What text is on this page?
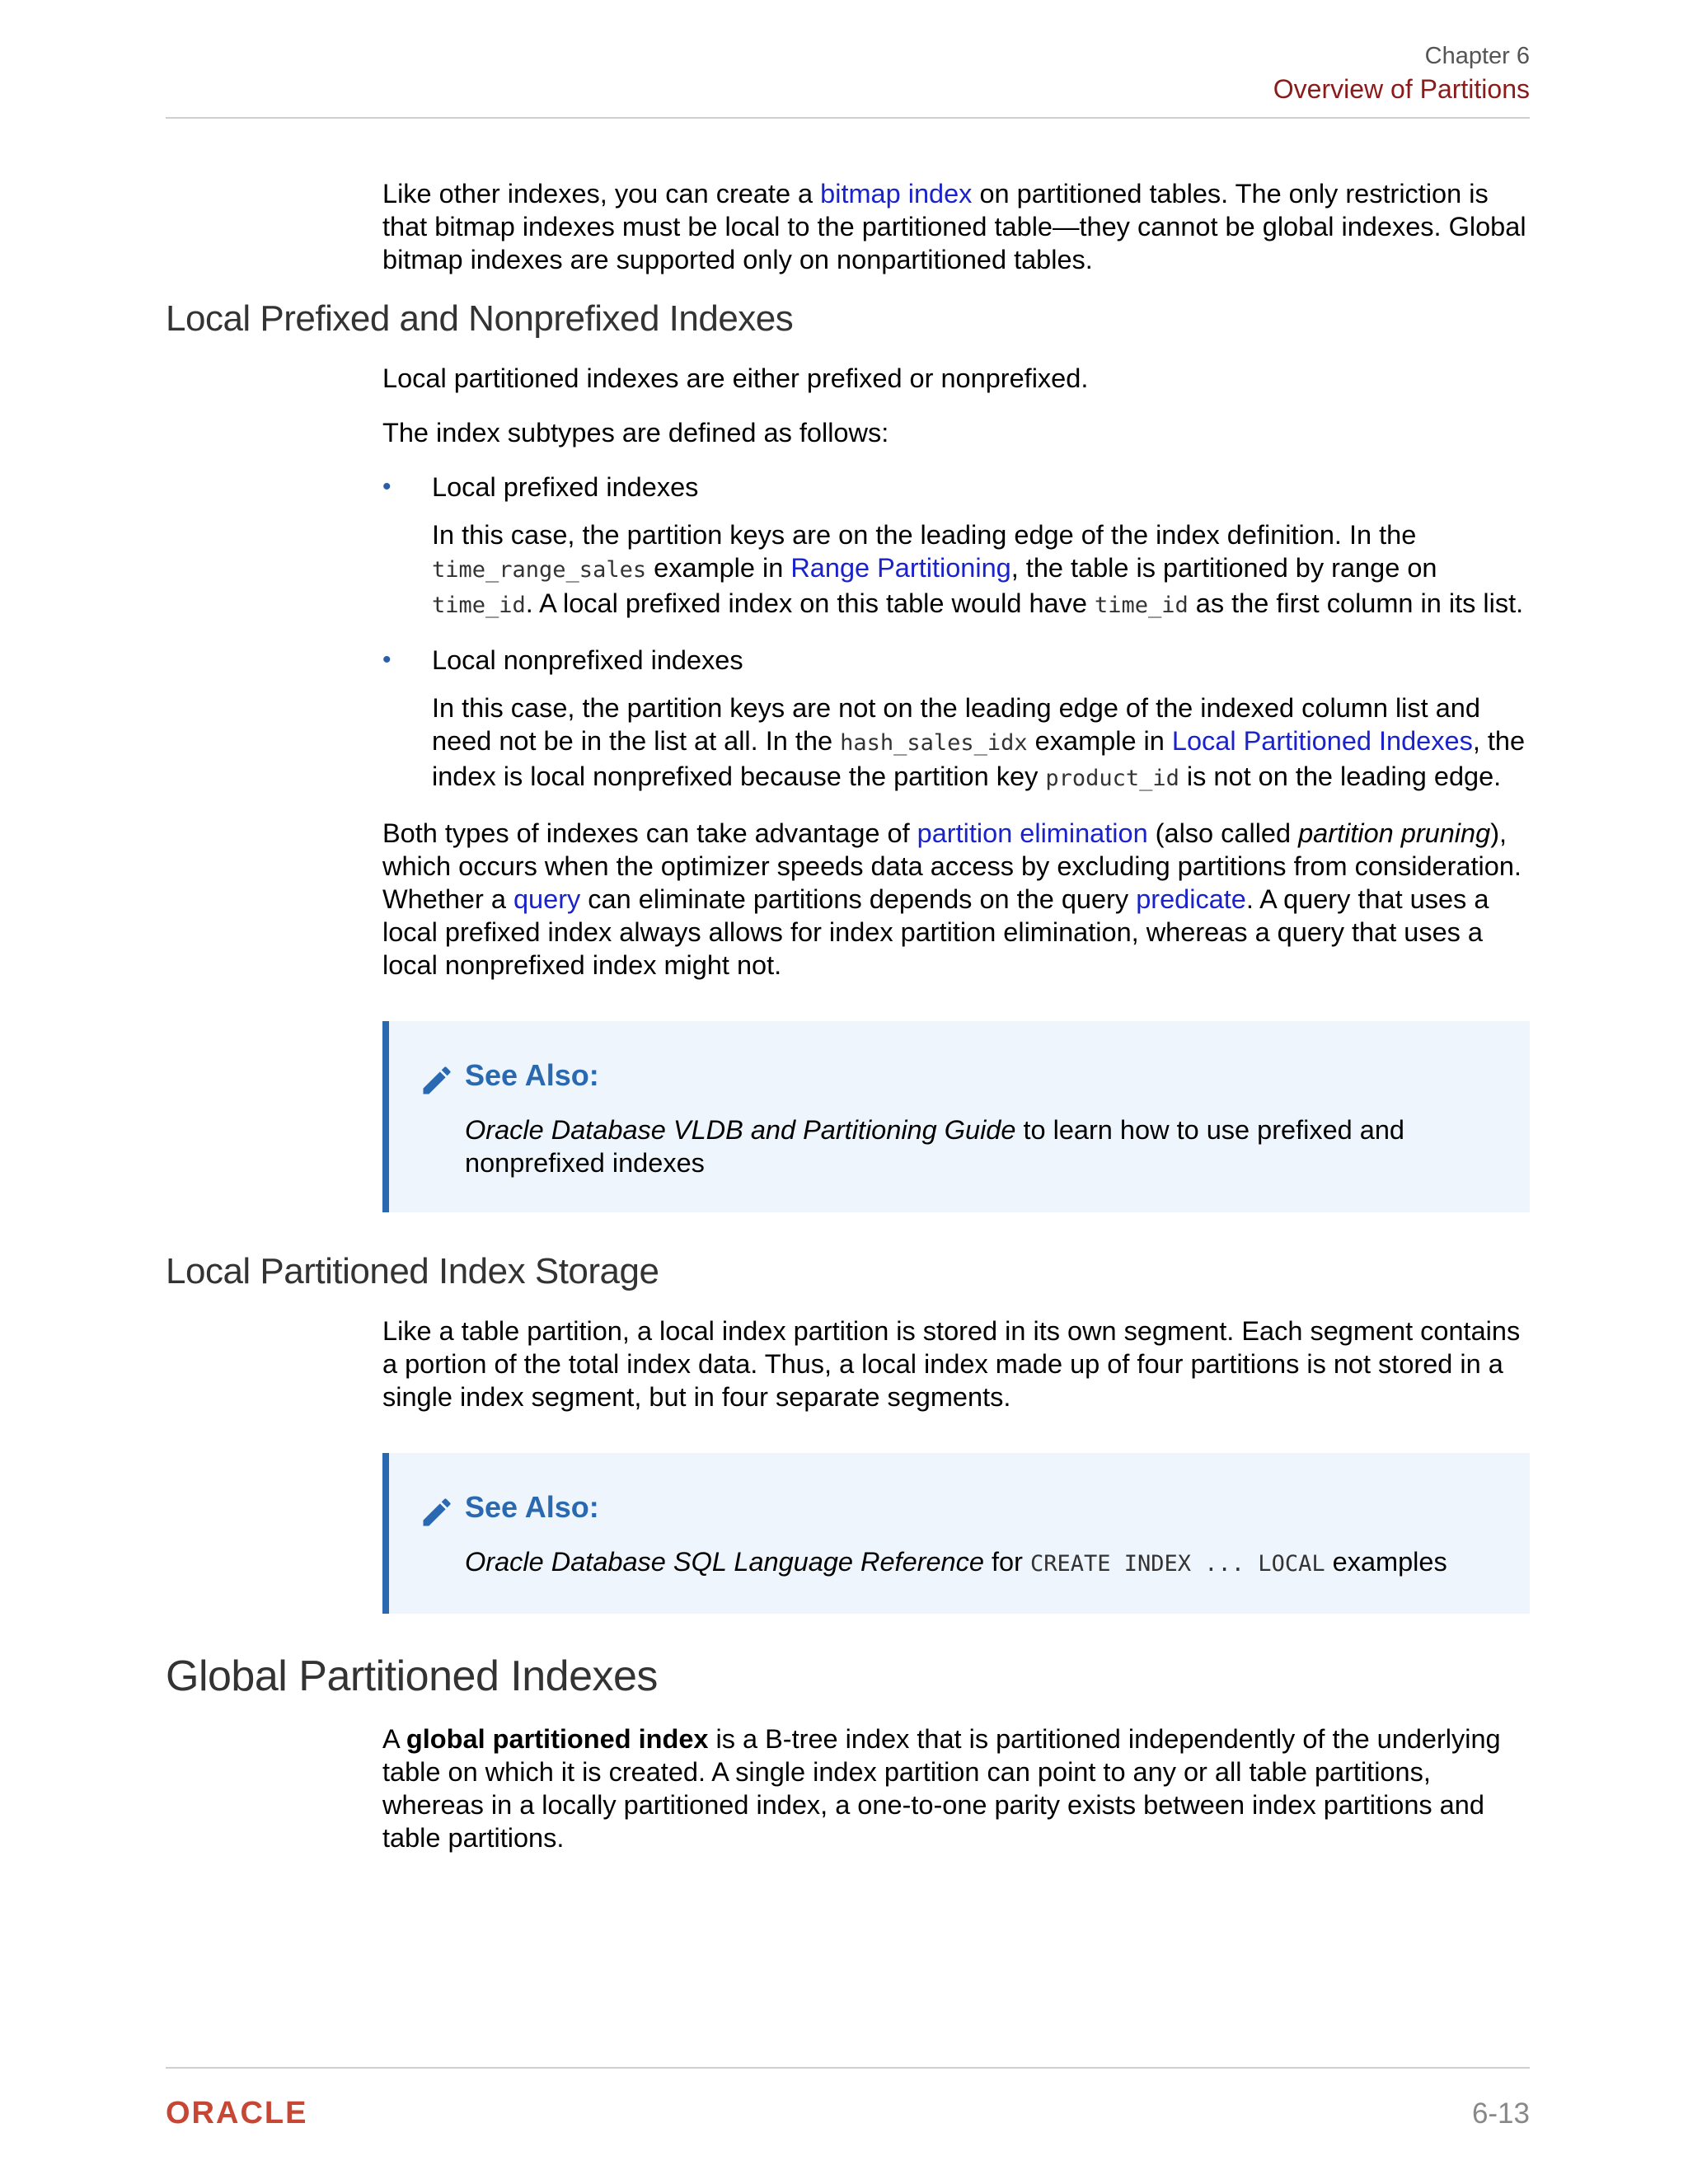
Chapter 6
Overview of Partitions

Like other indexes, you can create a bitmap index on partitioned tables. The only restriction is that bitmap indexes must be local to the partitioned table—they cannot be global indexes. Global bitmap indexes are supported only on nonpartitioned tables.

Local Prefixed and Nonprefixed Indexes

Local partitioned indexes are either prefixed or nonprefixed.

The index subtypes are defined as follows:

• Local prefixed indexes

In this case, the partition keys are on the leading edge of the index definition. In the time_range_sales example in Range Partitioning, the table is partitioned by range on time_id. A local prefixed index on this table would have time_id as the first column in its list.

• Local nonprefixed indexes

In this case, the partition keys are not on the leading edge of the indexed column list and need not be in the list at all. In the hash_sales_idx example in Local Partitioned Indexes, the index is local nonprefixed because the partition key product_id is not on the leading edge.

Both types of indexes can take advantage of partition elimination (also called partition pruning), which occurs when the optimizer speeds data access by excluding partitions from consideration. Whether a query can eliminate partitions depends on the query predicate. A query that uses a local prefixed index always allows for index partition elimination, whereas a query that uses a local nonprefixed index might not.

See Also:

Oracle Database VLDB and Partitioning Guide to learn how to use prefixed and nonprefixed indexes

Local Partitioned Index Storage

Like a table partition, a local index partition is stored in its own segment. Each segment contains a portion of the total index data. Thus, a local index made up of four partitions is not stored in a single index segment, but in four separate segments.

See Also:

Oracle Database SQL Language Reference for CREATE INDEX ... LOCAL examples

Global Partitioned Indexes

A global partitioned index is a B-tree index that is partitioned independently of the underlying table on which it is created. A single index partition can point to any or all table partitions, whereas in a locally partitioned index, a one-to-one parity exists between index partitions and table partitions.

ORACLE	6-13
